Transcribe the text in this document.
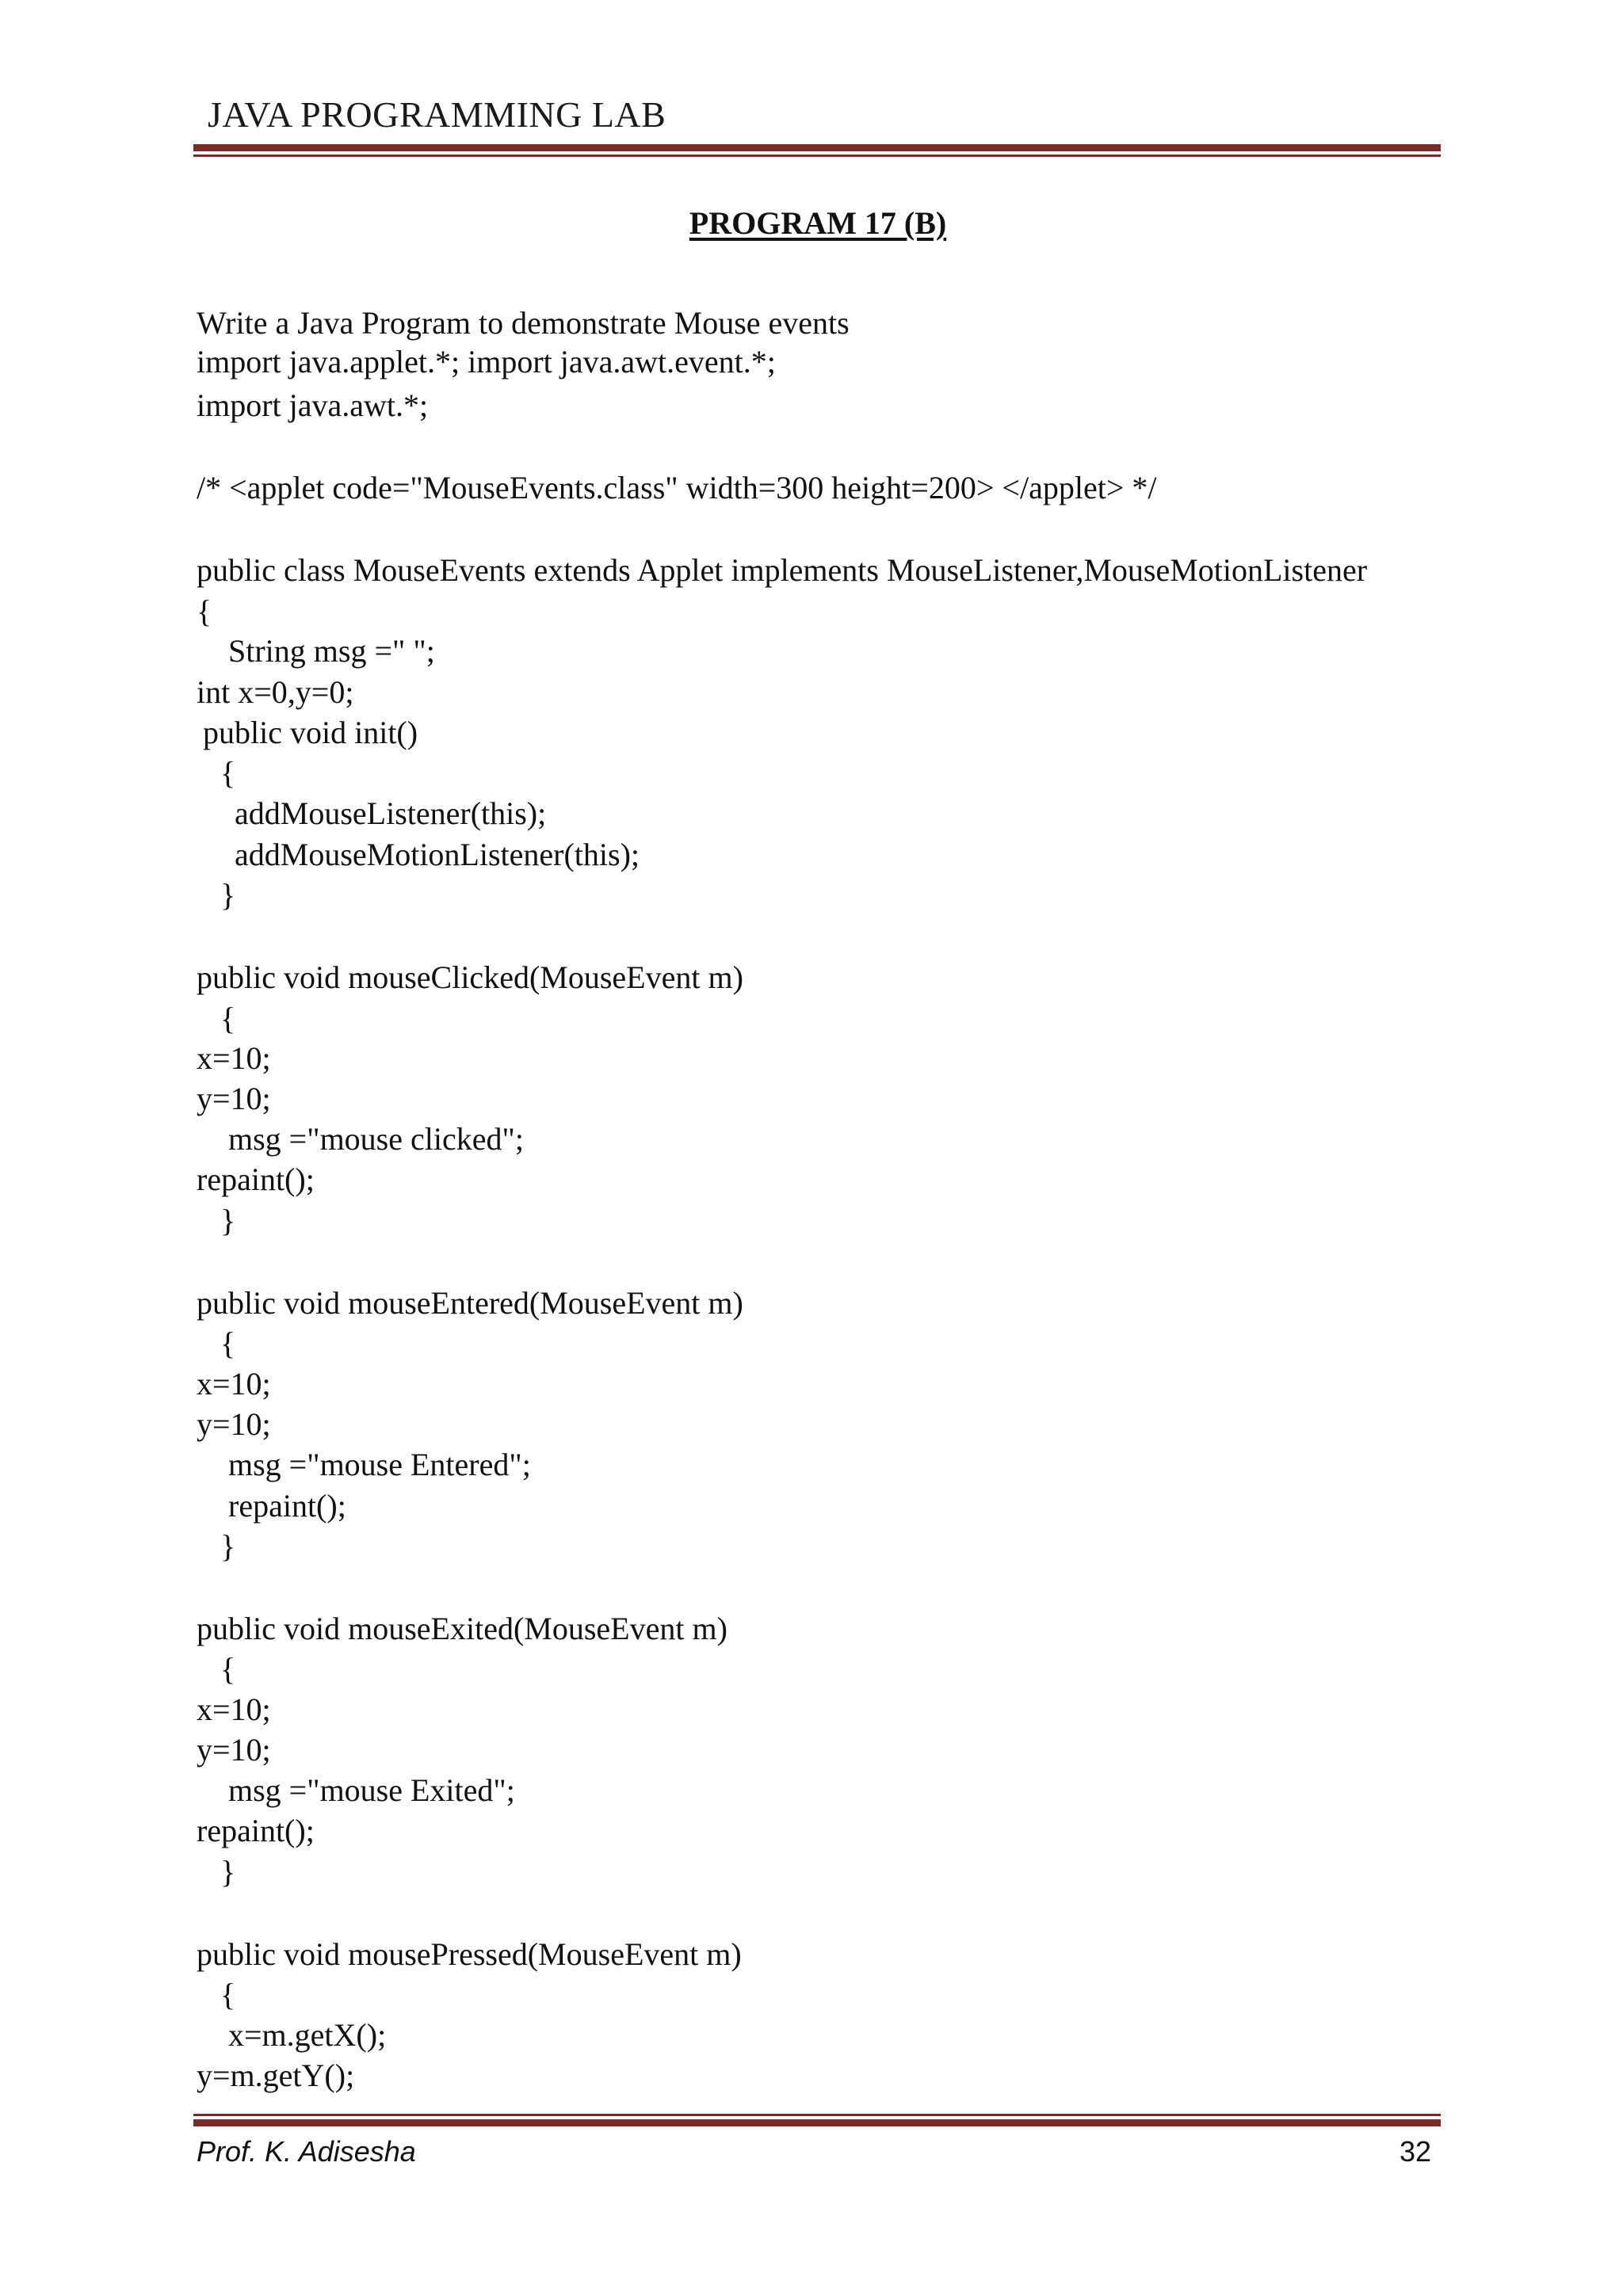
JAVA PROGRAMMING LAB
PROGRAM 17 (B)
Write a Java Program to demonstrate Mouse events
import java.applet.*; import java.awt.event.*;
import java.awt.*;
/* <applet code="MouseEvents.class" width=300 height=200> </applet> */
public class MouseEvents extends Applet implements MouseListener,MouseMotionListener
{
String msg =" ";
int x=0,y=0;
public void init()
{
addMouseListener(this);
addMouseMotionListener(this);
}
public void mouseClicked(MouseEvent m)
{
x=10;
y=10;
msg ="mouse clicked";
repaint();
}
public void mouseEntered(MouseEvent m)
{
x=10;
y=10;
msg ="mouse Entered";
repaint();
}
public void mouseExited(MouseEvent m)
{
x=10;
y=10;
msg ="mouse Exited";
repaint();
}
public void mousePressed(MouseEvent m)
{
x=m.getX();
y=m.getY();
Prof. K. Adisesha	32
